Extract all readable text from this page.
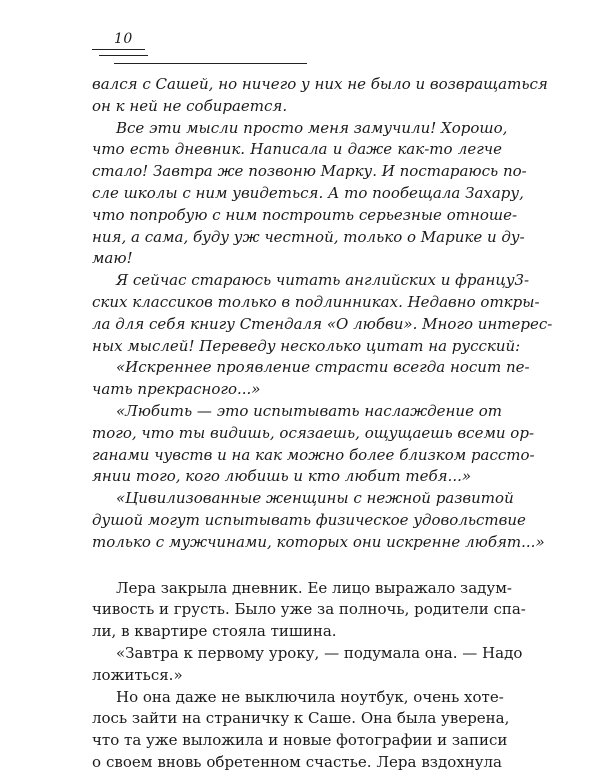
10

вался с Сашей, но ничего у них не было и возвращаться
он к ней не собирается.

Все эти мысли просто меня замучили! Хорошо,
что есть дневник. Написала и даже как-то легче
стало! Завтра же позвоню Марку. И постараюсь по-
сле школы с ним увидеться. А то пообещала Захару,
что попробую с ним построить серьезные отноше-
ния, а сама, буду уж честной, только о Марике и ду-
маю!

Я сейчас стараюсь читать английских и францу3-
ских классиков только в подлинниках. Недавно откры-
ла для себя книгу Стендаля «О любви». Много интерес-
ных мыслей! Переведу несколько цитат на русский:

«Искреннее проявление страсти всегда носит пе-
чать прекрасного...»

«Любить — это испытывать наслаждение от
того, что ты видишь, осязаешь, ощущаешь всеми ор-
ганами чувств и на как можно более близком рассто-
янии того, кого любишь и кто любит тебя...»

«Цивилизованные женщины с нежной развитой
душой могут испытывать физическое удовольствие
только с мужчинами, которых они искренне любят...»

Лера закрыла дневник. Ее лицо выражало задум-
чивость и грусть. Было уже за полночь, родители спа-
ли, в квартире стояла тишина.

«Завтра к первому уроку, — подумала она. — Надо
ложиться.»

Но она даже не выключила ноутбук, очень хоте-
лось зайти на страничку к Саше. Она была уверена,
что та уже выложила и новые фотографии и записи
о своем вновь обретенном счастье. Лера вздохнула
